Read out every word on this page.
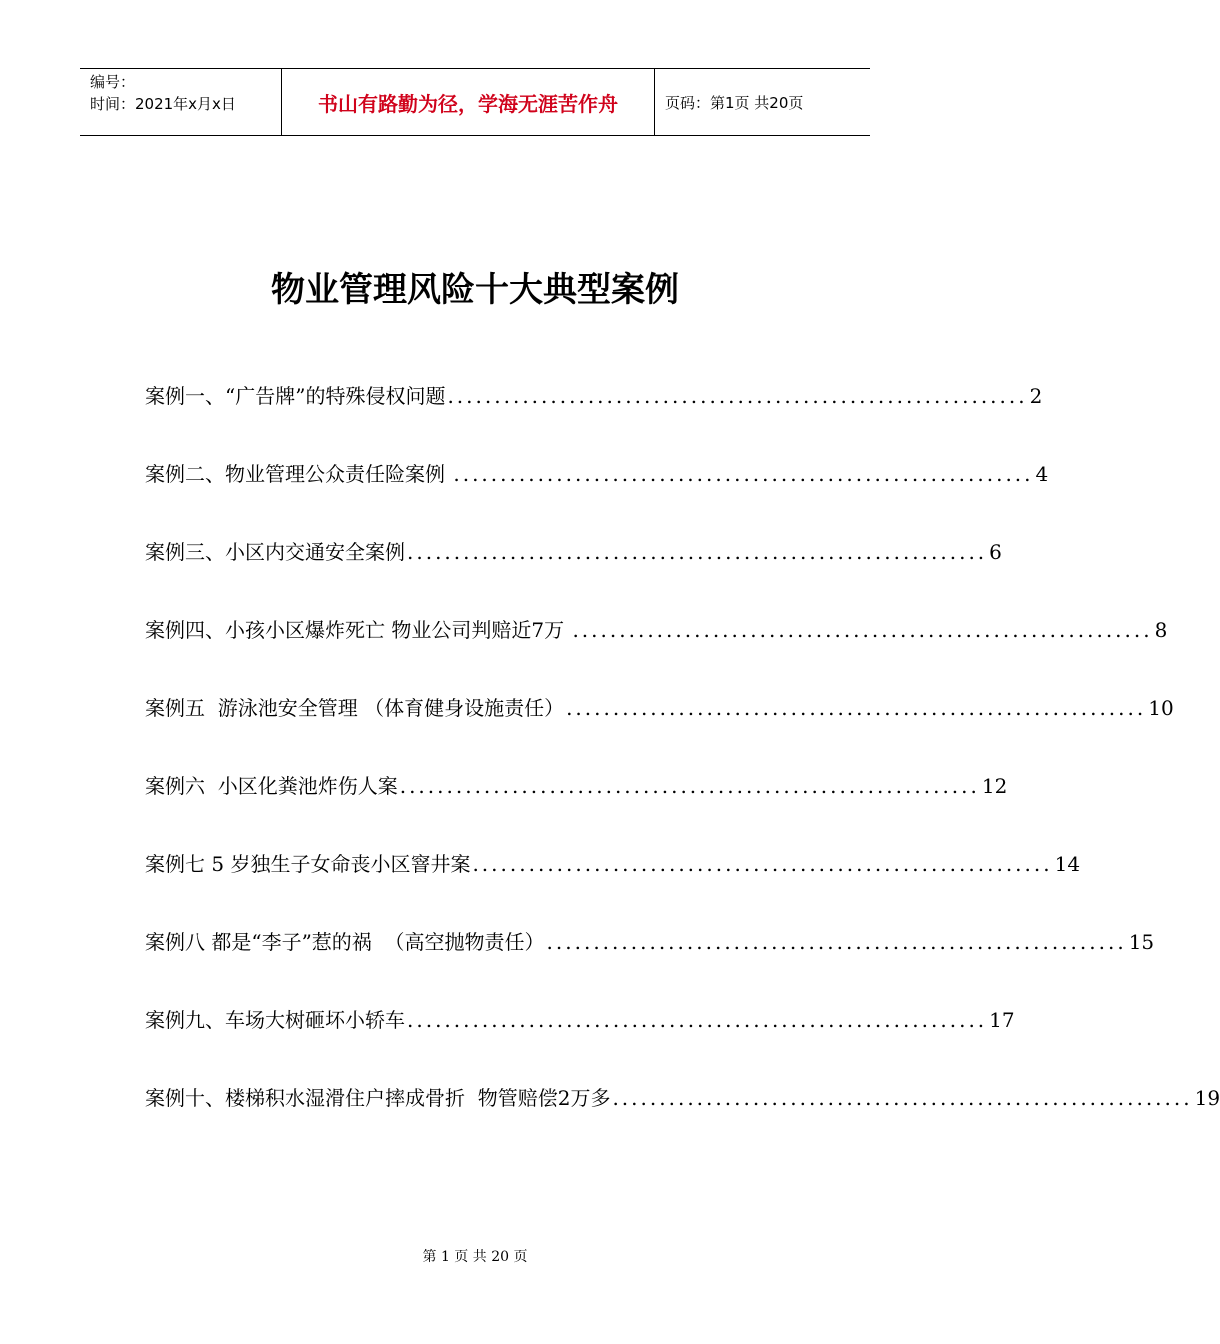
编号：
时间：2021年x月x日	书山有路勤为径，学海无涯苦作舟	页码：第1页 共20页
物业管理风险十大典型案例
案例一、“广告牌”的特殊侵权问题 .............................................................. 2
案例二、物业管理公众责任险案例 .............................................................. 4
案例三、小区内交通安全案例 .............................................................. 6
案例四、小孩小区爆炸死亡 物业公司判赔近7万 .............................................................. 8
案例五  游泳池安全管理 （体育健身设施责任） .............................................................. 10
案例六  小区化粪池炸伤人案 .............................................................. 12
案例七 5 岁独生子女命丧小区窨井案 .............................................................. 14
案例八 都是“李子”惹的祸  （高空抛物责任） .............................................................. 15
案例九、车场大树砸坏小轿车 .............................................................. 17
案例十、楼梯积水湿滑住户摔成骨折  物管赔偿2万多 .............................................................. 19
第 1 页 共 20 页
